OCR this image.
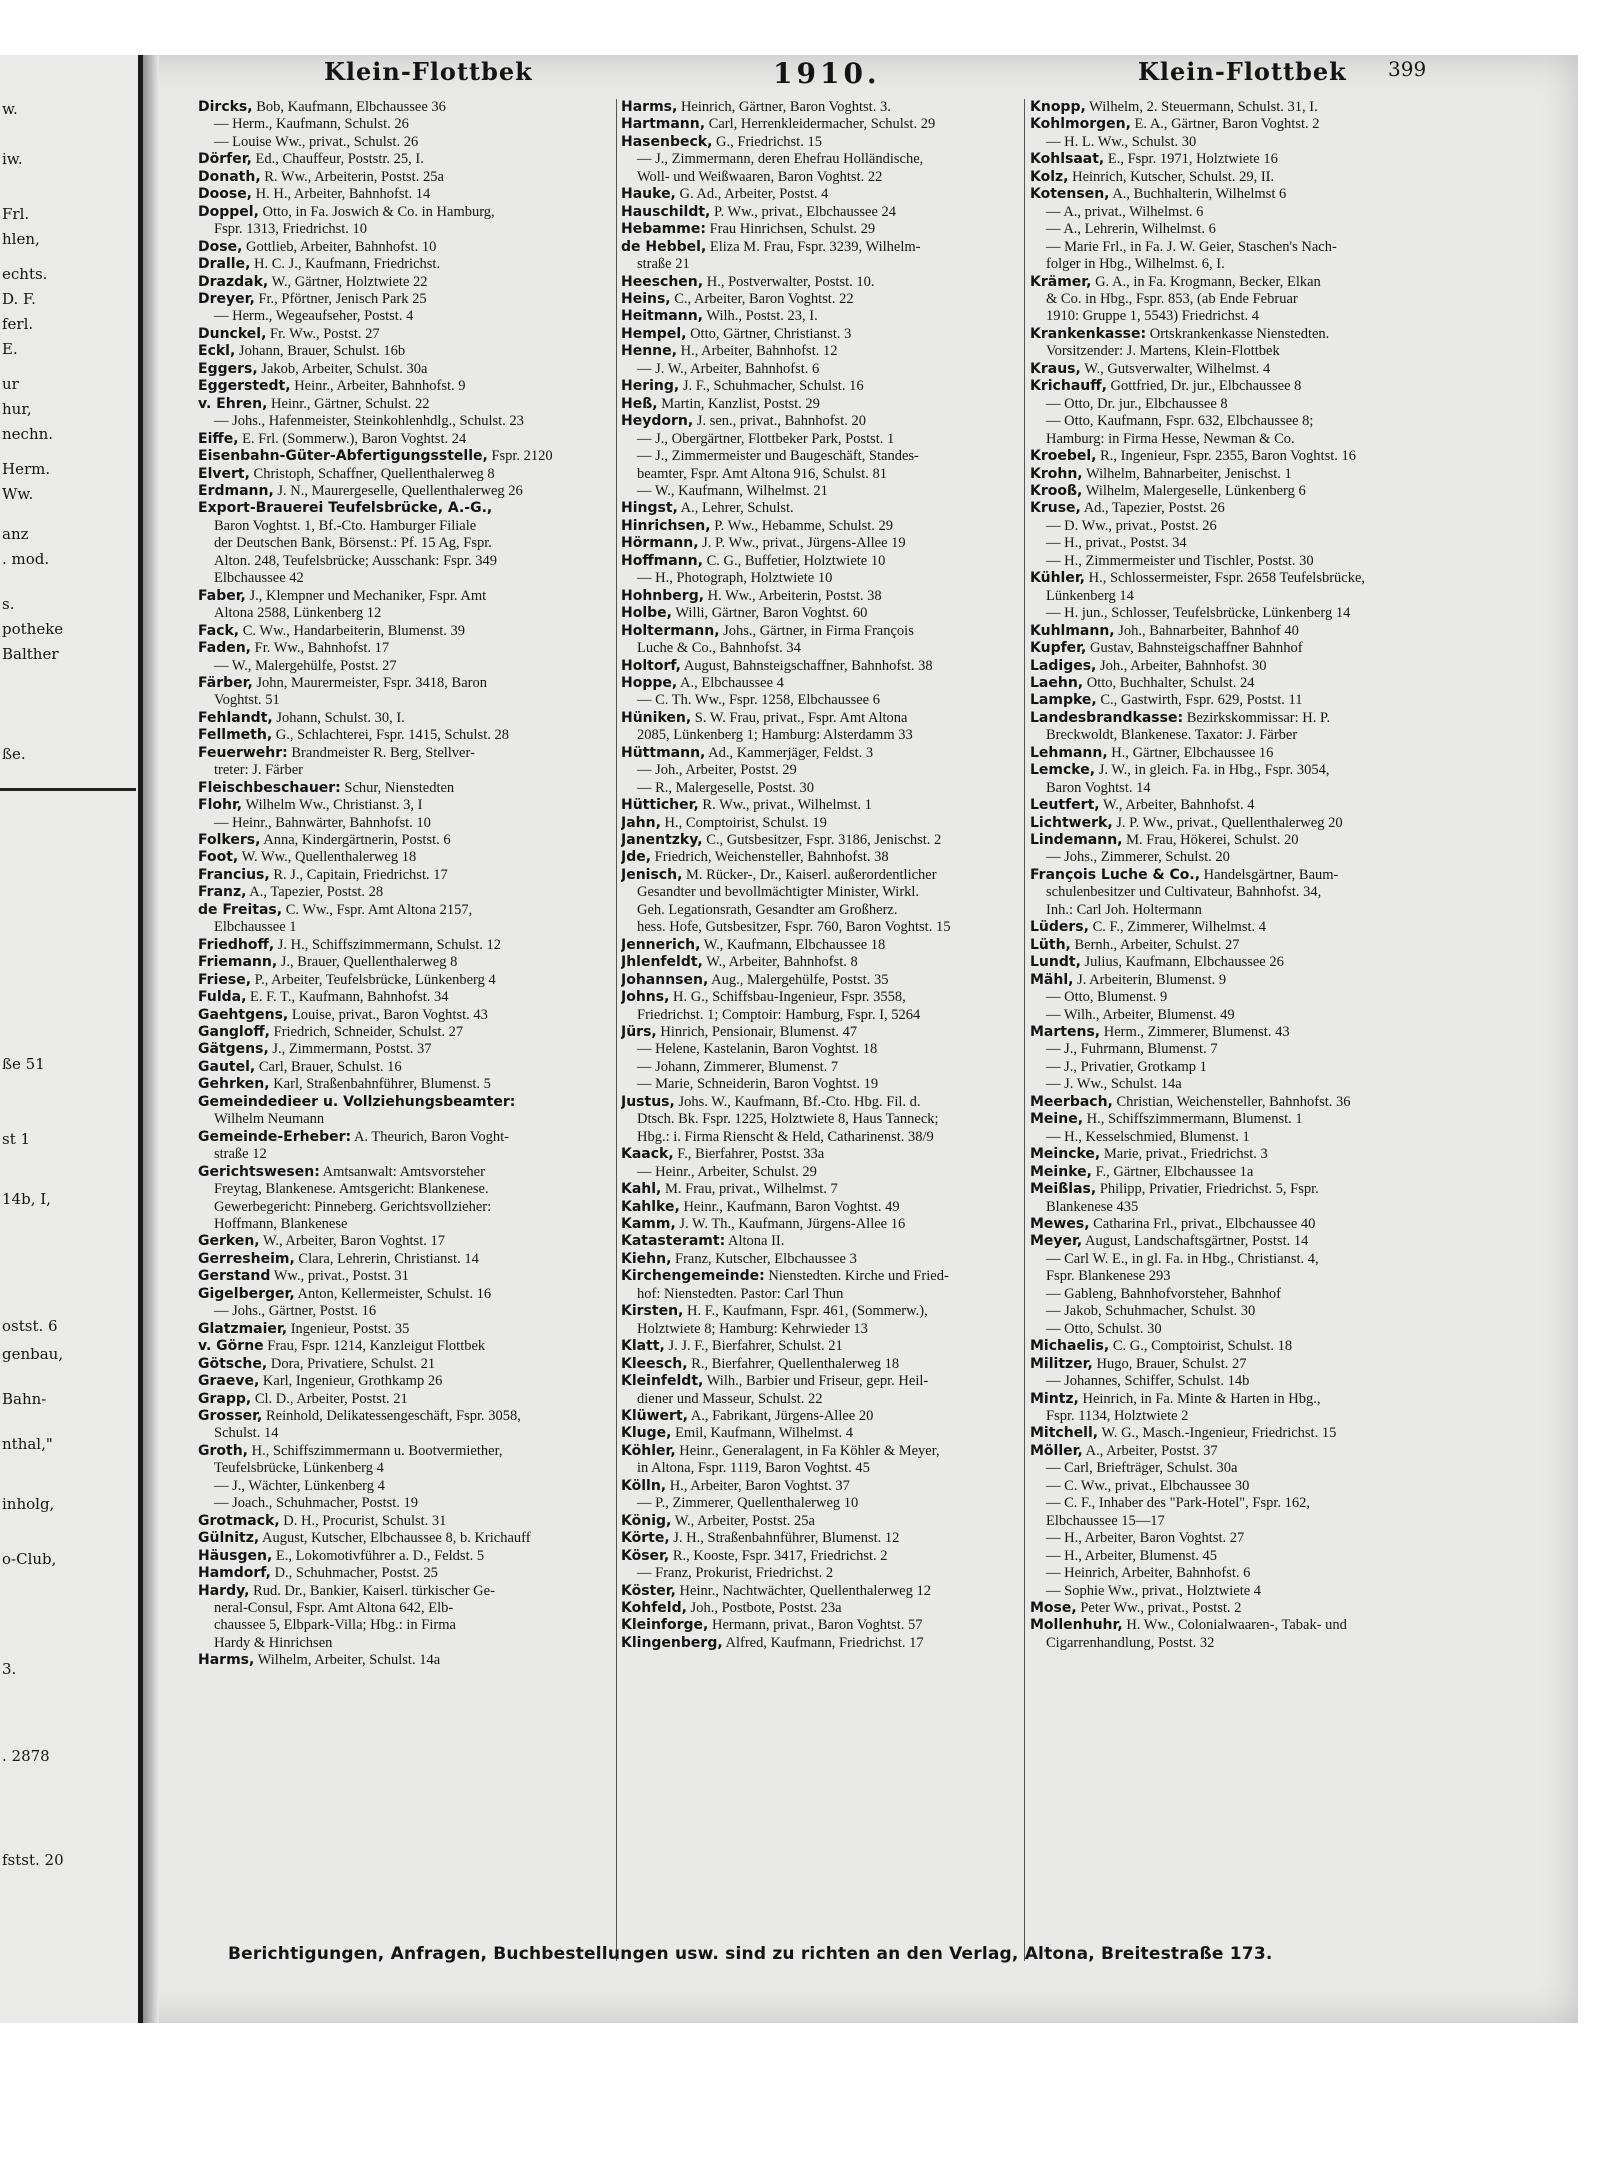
w.
iw.
Frl.
hlen,
echts.
D. F.
ferl.
E.
ur
hur,
nechn.
Herm.
Ww.
anz
. mod.
s.
potheke
Balther
ße.
ße 51
st 1
14b, I,
ostst. 6
genbau,
Bahn-
nthal,"
inholg,
o-Club,
3.
. 2878
fstst. 20
Klein-Flottbek	1910.	Klein-Flottbek	399
Dircks, Bob, Kaufmann, Elbchaussee 36
— Herm., Kaufmann, Schulst. 26
— Louise Ww., privat., Schulst. 26
Dörfer, Ed., Chauffeur, Poststr. 25, I.
Donath, R. Ww., Arbeiterin, Postst. 25a
Doose, H. H., Arbeiter, Bahnhofst. 14
Doppel, Otto, in Fa. Joswich & Co. in Hamburg,
Fspr. 1313, Friedrichst. 10
Dose, Gottlieb, Arbeiter, Bahnhofst. 10
Dralle, H. C. J., Kaufmann, Friedrichst.
Drazdak, W., Gärtner, Holztwiete 22
Dreyer, Fr., Pförtner, Jenisch Park 25
— Herm., Wegeaufseher, Postst. 4
Dunckel, Fr. Ww., Postst. 27
Eckl, Johann, Brauer, Schulst. 16b
Eggers, Jakob, Arbeiter, Schulst. 30a
Eggerstedt, Heinr., Arbeiter, Bahnhofst. 9
v. Ehren, Heinr., Gärtner, Schulst. 22
— Johs., Hafenmeister, Steinkohlenhdlg., Schulst. 23
Eiffe, E. Frl. (Sommerw.), Baron Voghtst. 24
Eisenbahn-Güter-Abfertigungsstelle, Fspr. 2120
Elvert, Christoph, Schaffner, Quellenthalerweg 8
Erdmann, J. N., Maurergeselle, Quellenthalerweg 26
Export-Brauerei Teufelsbrücke, A.-G.,
Baron Voghtst. 1, Bf.-Cto. Hamburger Filiale
der Deutschen Bank, Börsenst.: Pf. 15 Ag, Fspr.
Alton. 248, Teufelsbrücke; Ausschank: Fspr. 349
Elbchaussee 42
Faber, J., Klempner und Mechaniker, Fspr. Amt
Altona 2588, Lünkenberg 12
Fack, C. Ww., Handarbeiterin, Blumenst. 39
Faden, Fr. Ww., Bahnhofst. 17
— W., Malergehülfe, Postst. 27
Färber, John, Maurermeister, Fspr. 3418, Baron
Voghtst. 51
Fehlandt, Johann, Schulst. 30, I.
Fellmeth, G., Schlachterei, Fspr. 1415, Schulst. 28
Feuerwehr: Brandmeister R. Berg, Stellver-
treter: J. Färber
Fleischbeschauer: Schur, Nienstedten
Flohr, Wilhelm Ww., Christianst. 3, I
— Heinr., Bahnwärter, Bahnhofst. 10
Folkers, Anna, Kindergärtnerin, Postst. 6
Foot, W. Ww., Quellenthalerweg 18
Francius, R. J., Capitain, Friedrichst. 17
Franz, A., Tapezier, Postst. 28
de Freitas, C. Ww., Fspr. Amt Altona 2157,
Elbchaussee 1
Friedhoff, J. H., Schiffszimmermann, Schulst. 12
Friemann, J., Brauer, Quellenthalerweg 8
Friese, P., Arbeiter, Teufelsbrücke, Lünkenberg 4
Fulda, E. F. T., Kaufmann, Bahnhofst. 34
Gaehtgens, Louise, privat., Baron Voghtst. 43
Gangloff, Friedrich, Schneider, Schulst. 27
Gätgens, J., Zimmermann, Postst. 37
Gautel, Carl, Brauer, Schulst. 16
Gehrken, Karl, Straßenbahnführer, Blumenst. 5
Gemeindedieer u. Vollziehungsbeamter:
Wilhelm Neumann
Gemeinde-Erheber: A. Theurich, Baron Voght-
straße 12
Gerichtswesen: Amtsanwalt: Amtsvorsteher
Freytag, Blankenese. Amtsgericht: Blankenese.
Gewerbegericht: Pinneberg. Gerichtsvollzieher:
Hoffmann, Blankenese
Gerken, W., Arbeiter, Baron Voghtst. 17
Gerresheim, Clara, Lehrerin, Christianst. 14
Gerstand Ww., privat., Postst. 31
Gigelberger, Anton, Kellermeister, Schulst. 16
— Johs., Gärtner, Postst. 16
Glatzmaier, Ingenieur, Postst. 35
v. Görne Frau, Fspr. 1214, Kanzleigut Flottbek
Götsche, Dora, Privatiere, Schulst. 21
Graeve, Karl, Ingenieur, Grothkamp 26
Grapp, Cl. D., Arbeiter, Postst. 21
Grosser, Reinhold, Delikatessengeschäft, Fspr. 3058,
Schulst. 14
Groth, H., Schiffszimmermann u. Bootvermiether,
Teufelsbrücke, Lünkenberg 4
— J., Wächter, Lünkenberg 4
— Joach., Schuhmacher, Postst. 19
Grotmack, D. H., Procurist, Schulst. 31
Gülnitz, August, Kutscher, Elbchaussee 8, b. Krichauff
Häusgen, E., Lokomotivführer a. D., Feldst. 5
Hamdorf, D., Schuhmacher, Postst. 25
Hardy, Rud. Dr., Bankier, Kaiserl. türkischer Ge-
neral-Consul, Fspr. Amt Altona 642, Elb-
chaussee 5, Elbpark-Villa; Hbg.: in Firma
Hardy & Hinrichsen
Harms, Wilhelm, Arbeiter, Schulst. 14a
Harms, Heinrich, Gärtner, Baron Voghtst. 3.
Hartmann, Carl, Herrenkleidermacher, Schulst. 29
Hasenbeck, G., Friedrichst. 15
— J., Zimmermann, deren Ehefrau Holländische,
Woll- und Weißwaaren, Baron Voghtst. 22
Hauke, G. Ad., Arbeiter, Postst. 4
Hauschildt, P. Ww., privat., Elbchaussee 24
Hebamme: Frau Hinrichsen, Schulst. 29
de Hebbel, Eliza M. Frau, Fspr. 3239, Wilhelm-
straße 21
Heeschen, H., Postverwalter, Postst. 10.
Heins, C., Arbeiter, Baron Voghtst. 22
Heitmann, Wilh., Postst. 23, I.
Hempel, Otto, Gärtner, Christianst. 3
Henne, H., Arbeiter, Bahnhofst. 12
— J. W., Arbeiter, Bahnhofst. 6
Hering, J. F., Schuhmacher, Schulst. 16
Heß, Martin, Kanzlist, Postst. 29
Heydorn, J. sen., privat., Bahnhofst. 20
— J., Obergärtner, Flottbeker Park, Postst. 1
— J., Zimmermeister und Baugeschäft, Standes-
beamter, Fspr. Amt Altona 916, Schulst. 81
— W., Kaufmann, Wilhelmst. 21
Hingst, A., Lehrer, Schulst.
Hinrichsen, P. Ww., Hebamme, Schulst. 29
Hörmann, J. P. Ww., privat., Jürgens-Allee 19
Hoffmann, C. G., Buffetier, Holztwiete 10
— H., Photograph, Holztwiete 10
Hohnberg, H. Ww., Arbeiterin, Postst. 38
Holbe, Willi, Gärtner, Baron Voghtst. 60
Holtermann, Johs., Gärtner, in Firma François
Luche & Co., Bahnhofst. 34
Holtorf, August, Bahnsteigschaffner, Bahnhofst. 38
Hoppe, A., Elbchaussee 4
— C. Th. Ww., Fspr. 1258, Elbchaussee 6
Hüniken, S. W. Frau, privat., Fspr. Amt Altona
2085, Lünkenberg 1; Hamburg: Alsterdamm 33
Hüttmann, Ad., Kammerjäger, Feldst. 3
— Joh., Arbeiter, Postst. 29
— R., Malergeselle, Postst. 30
Hütticher, R. Ww., privat., Wilhelmst. 1
Jahn, H., Comptoirist, Schulst. 19
Janentzky, C., Gutsbesitzer, Fspr. 3186, Jenischst. 2
Jde, Friedrich, Weichensteller, Bahnhofst. 38
Jenisch, M. Rücker-, Dr., Kaiserl. außerordentlicher
Gesandter und bevollmächtigter Minister, Wirkl.
Geh. Legationsrath, Gesandter am Großherz.
hess. Hofe, Gutsbesitzer, Fspr. 760, Baron Voghtst. 15
Jennerich, W., Kaufmann, Elbchaussee 18
Jhlenfeldt, W., Arbeiter, Bahnhofst. 8
Johannsen, Aug., Malergehülfe, Postst. 35
Johns, H. G., Schiffsbau-Ingenieur, Fspr. 3558,
Friedrichst. 1; Comptoir: Hamburg, Fspr. I, 5264
Jürs, Hinrich, Pensionair, Blumenst. 47
— Helene, Kastelanin, Baron Voghtst. 18
— Johann, Zimmerer, Blumenst. 7
— Marie, Schneiderin, Baron Voghtst. 19
Justus, Johs. W., Kaufmann, Bf.-Cto. Hbg. Fil. d.
Dtsch. Bk. Fspr. 1225, Holztwiete 8, Haus Tanneck;
Hbg.: i. Firma Rienscht & Held, Catharinenst. 38/9
Kaack, F., Bierfahrer, Postst. 33a
— Heinr., Arbeiter, Schulst. 29
Kahl, M. Frau, privat., Wilhelmst. 7
Kahlke, Heinr., Kaufmann, Baron Voghtst. 49
Kamm, J. W. Th., Kaufmann, Jürgens-Allee 16
Katasteramt: Altona II.
Kiehn, Franz, Kutscher, Elbchaussee 3
Kirchengemeinde: Nienstedten. Kirche und Fried-
hof: Nienstedten. Pastor: Carl Thun
Kirsten, H. F., Kaufmann, Fspr. 461, (Sommerw.),
Holztwiete 8; Hamburg: Kehrwieder 13
Klatt, J. J. F., Bierfahrer, Schulst. 21
Kleesch, R., Bierfahrer, Quellenthalerweg 18
Kleinfeldt, Wilh., Barbier und Friseur, gepr. Heil-
diener und Masseur, Schulst. 22
Klüwert, A., Fabrikant, Jürgens-Allee 20
Kluge, Emil, Kaufmann, Wilhelmst. 4
Köhler, Heinr., Generalagent, in Fa Köhler & Meyer,
in Altona, Fspr. 1119, Baron Voghtst. 45
Kölln, H., Arbeiter, Baron Voghtst. 37
— P., Zimmerer, Quellenthalerweg 10
König, W., Arbeiter, Postst. 25a
Körte, J. H., Straßenbahnführer, Blumenst. 12
Köser, R., Kooste, Fspr. 3417, Friedrichst. 2
— Franz, Prokurist, Friedrichst. 2
Köster, Heinr., Nachtwächter, Quellenthalerweg 12
Kohfeld, Joh., Postbote, Postst. 23a
Kleinforge, Hermann, privat., Baron Voghtst. 57
Klingenberg, Alfred, Kaufmann, Friedrichst. 17
Knopp, Wilhelm, 2. Steuermann, Schulst. 31, I.
Kohlmorgen, E. A., Gärtner, Baron Voghtst. 2
— H. L. Ww., Schulst. 30
Kohlsaat, E., Fspr. 1971, Holztwiete 16
Kolz, Heinrich, Kutscher, Schulst. 29, II.
Kotensen, A., Buchhalterin, Wilhelmst 6
— A., privat., Wilhelmst. 6
— A., Lehrerin, Wilhelmst. 6
— Marie Frl., in Fa. J. W. Geier, Staschen's Nach-
folger in Hbg., Wilhelmst. 6, I.
Krämer, G. A., in Fa. Krogmann, Becker, Elkan
& Co. in Hbg., Fspr. 853, (ab Ende Februar
1910: Gruppe 1, 5543) Friedrichst. 4
Krankenkasse: Ortskrankenkasse Nienstedten.
Vorsitzender: J. Martens, Klein-Flottbek
Kraus, W., Gutsverwalter, Wilhelmst. 4
Krichauff, Gottfried, Dr. jur., Elbchaussee 8
— Otto, Dr. jur., Elbchaussee 8
— Otto, Kaufmann, Fspr. 632, Elbchaussee 8;
Hamburg: in Firma Hesse, Newman & Co.
Kroebel, R., Ingenieur, Fspr. 2355, Baron Voghtst. 16
Krohn, Wilhelm, Bahnarbeiter, Jenischst. 1
Krooß, Wilhelm, Malergeselle, Lünkenberg 6
Kruse, Ad., Tapezier, Postst. 26
— D. Ww., privat., Postst. 26
— H., privat., Postst. 34
— H., Zimmermeister und Tischler, Postst. 30
Kühler, H., Schlossermeister, Fspr. 2658 Teufelsbrücke,
Lünkenberg 14
— H. jun., Schlosser, Teufelsbrücke, Lünkenberg 14
Kuhlmann, Joh., Bahnarbeiter, Bahnhof 40
Kupfer, Gustav, Bahnsteigschaffner Bahnhof
Ladiges, Joh., Arbeiter, Bahnhofst. 30
Laehn, Otto, Buchhalter, Schulst. 24
Lampke, C., Gastwirth, Fspr. 629, Postst. 11
Landesbrandkasse: Bezirkskommissar: H. P.
Breckwoldt, Blankenese. Taxator: J. Färber
Lehmann, H., Gärtner, Elbchaussee 16
Lemcke, J. W., in gleich. Fa. in Hbg., Fspr. 3054,
Baron Voghtst. 14
Leutfert, W., Arbeiter, Bahnhofst. 4
Lichtwerk, J. P. Ww., privat., Quellenthalerweg 20
Lindemann, M. Frau, Hökerei, Schulst. 20
— Johs., Zimmerer, Schulst. 20
François Luche & Co., Handelsgärtner, Baum-
schulenbesitzer und Cultivateur, Bahnhofst. 34,
Inh.: Carl Joh. Holtermann
Lüders, C. F., Zimmerer, Wilhelmst. 4
Lüth, Bernh., Arbeiter, Schulst. 27
Lundt, Julius, Kaufmann, Elbchaussee 26
Mähl, J. Arbeiterin, Blumenst. 9
— Otto, Blumenst. 9
— Wilh., Arbeiter, Blumenst. 49
Martens, Herm., Zimmerer, Blumenst. 43
— J., Fuhrmann, Blumenst. 7
— J., Privatier, Grotkamp 1
— J. Ww., Schulst. 14a
Meerbach, Christian, Weichensteller, Bahnhofst. 36
Meine, H., Schiffszimmermann, Blumenst. 1
— H., Kesselschmied, Blumenst. 1
Meincke, Marie, privat., Friedrichst. 3
Meinke, F., Gärtner, Elbchaussee 1a
Meißlas, Philipp, Privatier, Friedrichst. 5, Fspr.
Blankenese 435
Mewes, Catharina Frl., privat., Elbchaussee 40
Meyer, August, Landschaftsgärtner, Postst. 14
— Carl W. E., in gl. Fa. in Hbg., Christianst. 4,
Fspr. Blankenese 293
— Gableng, Bahnhofvorsteher, Bahnhof
— Jakob, Schuhmacher, Schulst. 30
— Otto, Schulst. 30
Michaelis, C. G., Comptoirist, Schulst. 18
Militzer, Hugo, Brauer, Schulst. 27
— Johannes, Schiffer, Schulst. 14b
Mintz, Heinrich, in Fa. Minte & Harten in Hbg.,
Fspr. 1134, Holztwiete 2
Mitchell, W. G., Masch.-Ingenieur, Friedrichst. 15
Möller, A., Arbeiter, Postst. 37
— Carl, Briefträger, Schulst. 30a
— C. Ww., privat., Elbchaussee 30
— C. F., Inhaber des "Park-Hotel", Fspr. 162,
Elbchaussee 15—17
— H., Arbeiter, Baron Voghtst. 27
— H., Arbeiter, Blumenst. 45
— Heinrich, Arbeiter, Bahnhofst. 6
— Sophie Ww., privat., Holztwiete 4
Mose, Peter Ww., privat., Postst. 2
Mollenhuhr, H. Ww., Colonialwaaren-, Tabak- und
Cigarrenhandlung, Postst. 32
Berichtigungen, Anfragen, Buchbestellungen usw. sind zu richten an den Verlag, Altona, Breitestraße 173.
